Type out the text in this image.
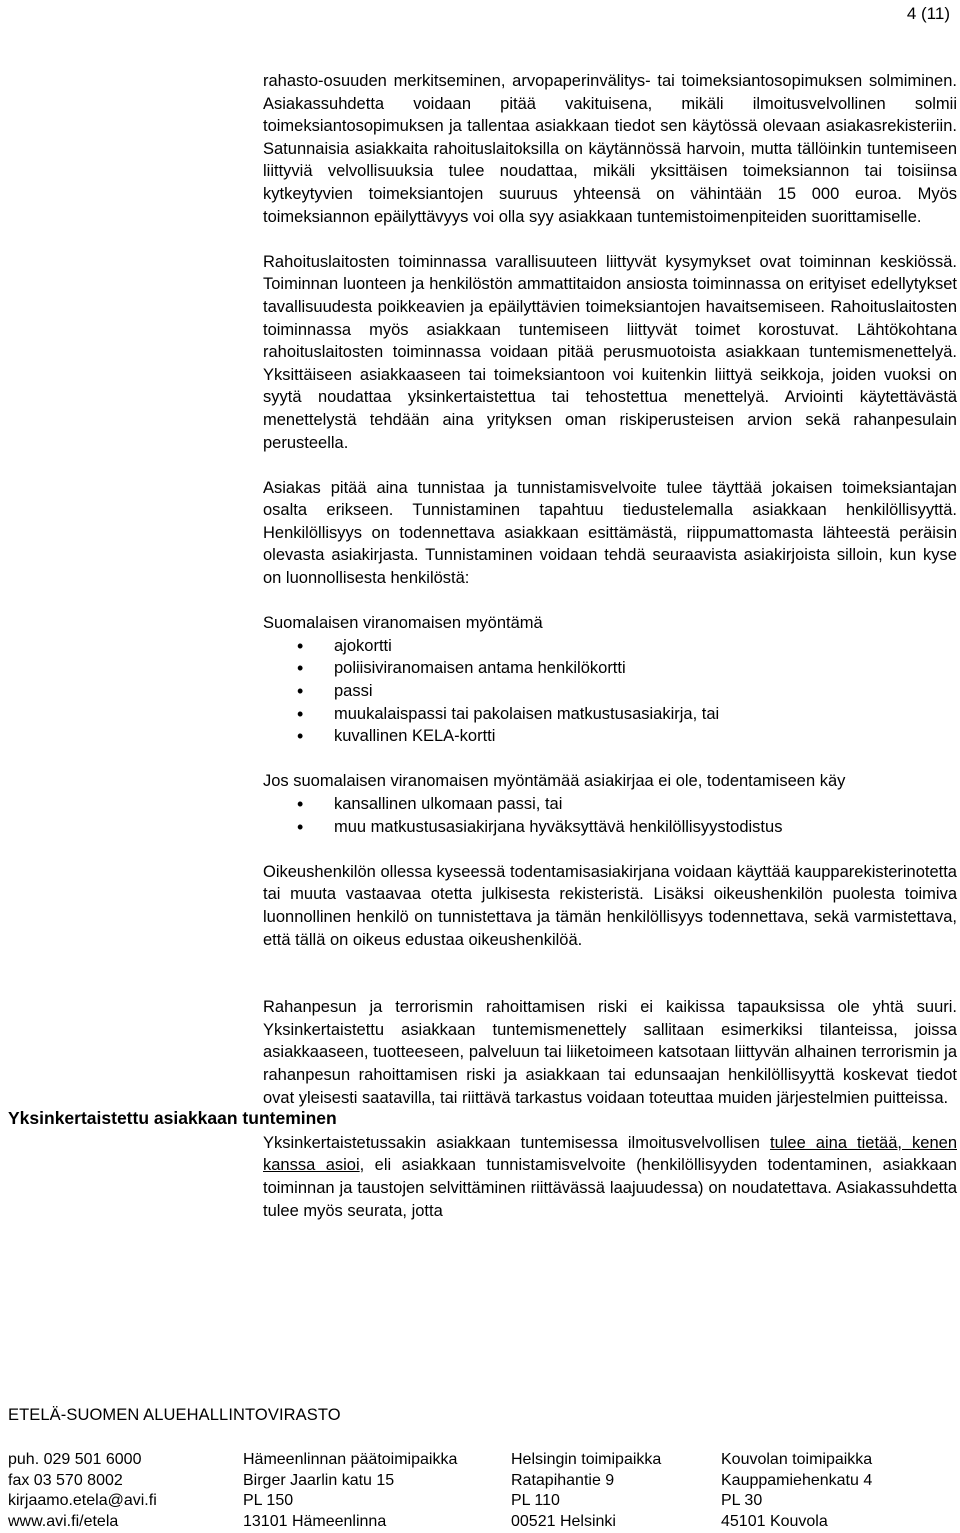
4 (11)

rahasto-osuuden merkitseminen, arvopaperinvälitys- tai toimeksiantosopimuksen solmiminen. Asiakassuhdetta voidaan pitää vakituisena, mikäli ilmoitusvelvollinen solmii toimeksiantosopimuksen ja tallentaa asiakkaan tiedot sen käytössä olevaan asiakasrekisteriin. Satunnaisia asiakkaita rahoituslaitoksilla on käytännössä harvoin, mutta tällöinkin tuntemiseen liittyviä velvollisuuksia tulee noudattaa, mikäli yksittäisen toimeksiannon tai toisiinsa kytkeytyvien toimeksiantojen suuruus yhteensä on vähintään 15 000 euroa. Myös toimeksiannon epäilyttävyys voi olla syy asiakkaan tuntemistoimenpiteiden suorittamiselle.

Rahoituslaitosten toiminnassa varallisuuteen liittyvät kysymykset ovat toiminnan keskiössä. Toiminnan luonteen ja henkilöstön ammattitaidon ansiosta toiminnassa on erityiset edellytykset tavallisuudesta poikkeavien ja epäilyttävien toimeksiantojen havaitsemiseen. Rahoituslaitosten toiminnassa myös asiakkaan tuntemiseen liittyvät toimet korostuvat. Lähtökohtana rahoituslaitosten toiminnassa voidaan pitää perusmuotoista asiakkaan tuntemismenettelyä. Yksittäiseen asiakkaaseen tai toimeksiantoon voi kuitenkin liittyä seikkoja, joiden vuoksi on syytä noudattaa yksinkertaistettua tai tehostettua menettelyä. Arviointi käytettävästä menettelystä tehdään aina yrityksen oman riskiperusteisen arvion sekä rahanpesulain perusteella.

Asiakas pitää aina tunnistaa ja tunnistamisvelvoite tulee täyttää jokaisen toimeksiantajan osalta erikseen. Tunnistaminen tapahtuu tiedustelemalla asiakkaan henkilöllisyyttä. Henkilöllisyys on todennettava asiakkaan esittämästä, riippumattomasta lähteestä peräisin olevasta asiakirjasta. Tunnistaminen voidaan tehdä seuraavista asiakirjoista silloin, kun kyse on luonnollisesta henkilöstä:

Suomalaisen viranomaisen myöntämä
• ajokortti
• poliisiviranomaisen antama henkilökortti
• passi
• muukalaispassi tai pakolaisen matkustusasiakirja, tai
• kuvallinen KELA-kortti
Jos suomalaisen viranomaisen myöntämää asiakirjaa ei ole, todentamiseen käy
• kansallinen ulkomaan passi, tai
• muu matkustusasiakirjana hyväksyttävä henkilöllisyystodistus

Oikeushenkilön ollessa kyseessä todentamisasiakirjana voidaan käyttää kaupparekisterinotetta tai muuta vastaavaa otetta julkisesta rekisteristä. Lisäksi oikeushenkilön puolesta toimiva luonnollinen henkilö on tunnistettava ja tämän henkilöllisyys todennettava, sekä varmistettava, että tällä on oikeus edustaa oikeushenkilöä.

Rahanpesun ja terrorismin rahoittamisen riski ei kaikissa tapauksissa ole yhtä suuri. Yksinkertaistettu asiakkaan tuntemismenettely sallitaan esimerkiksi tilanteissa, joissa asiakkaaseen, tuotteeseen, palveluun tai liiketoimeen katsotaan liittyvän alhainen terrorismin ja rahanpesun rahoittamisen riski ja asiakkaan tai edunsaajan henkilöllisyyttä koskevat tiedot ovat yleisesti saatavilla, tai riittävä tarkastus voidaan toteuttaa muiden järjestelmien puitteissa.

Yksinkertaistetussakin asiakkaan tuntemisessa ilmoitusvelvollisen tulee aina tietää, kenen kanssa asioi, eli asiakkaan tunnistamisvelvoite (henkilöllisyyden todentaminen, asiakkaan toiminnan ja taustojen selvittäminen riittävässä laajuudessa) on noudatettava. Asiakassuhdetta tulee myös seurata, jotta

Yksinkertaistettu asiakkaan tunteminen
ETELÄ-SUOMEN ALUEHALLINTOVIRASTO
puh. 029 501 6000
fax 03 570 8002
kirjaamo.etela@avi.fi
www.avi.fi/etela
Hämeenlinnan päätoimipaikka
Birger Jaarlin katu 15
PL 150
13101 Hämeenlinna
Helsingin toimipaikka
Ratapihantie 9
PL 110
00521 Helsinki
Kouvolan toimipaikka
Kauppamiehenkatu 4
PL 30
45101 Kouvola
